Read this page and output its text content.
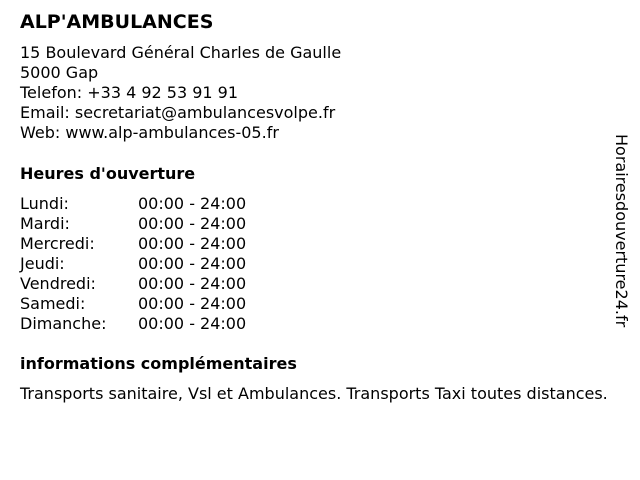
ALP'AMBULANCES
15 Boulevard Général Charles de Gaulle
5000 Gap
Telefon: +33 4 92 53 91 91
Email: secretariat@ambulancesvolpe.fr
Web: www.alp-ambulances-05.fr
Heures d'ouverture
Lundi:	00:00 - 24:00
Mardi:	00:00 - 24:00
Mercredi:	00:00 - 24:00
Jeudi:	00:00 - 24:00
Vendredi:	00:00 - 24:00
Samedi:	00:00 - 24:00
Dimanche: 00:00 - 24:00
informations complémentaires
Transports sanitaire, Vsl et Ambulances. Transports Taxi toutes distances.
Horairesdouverture24.fr
